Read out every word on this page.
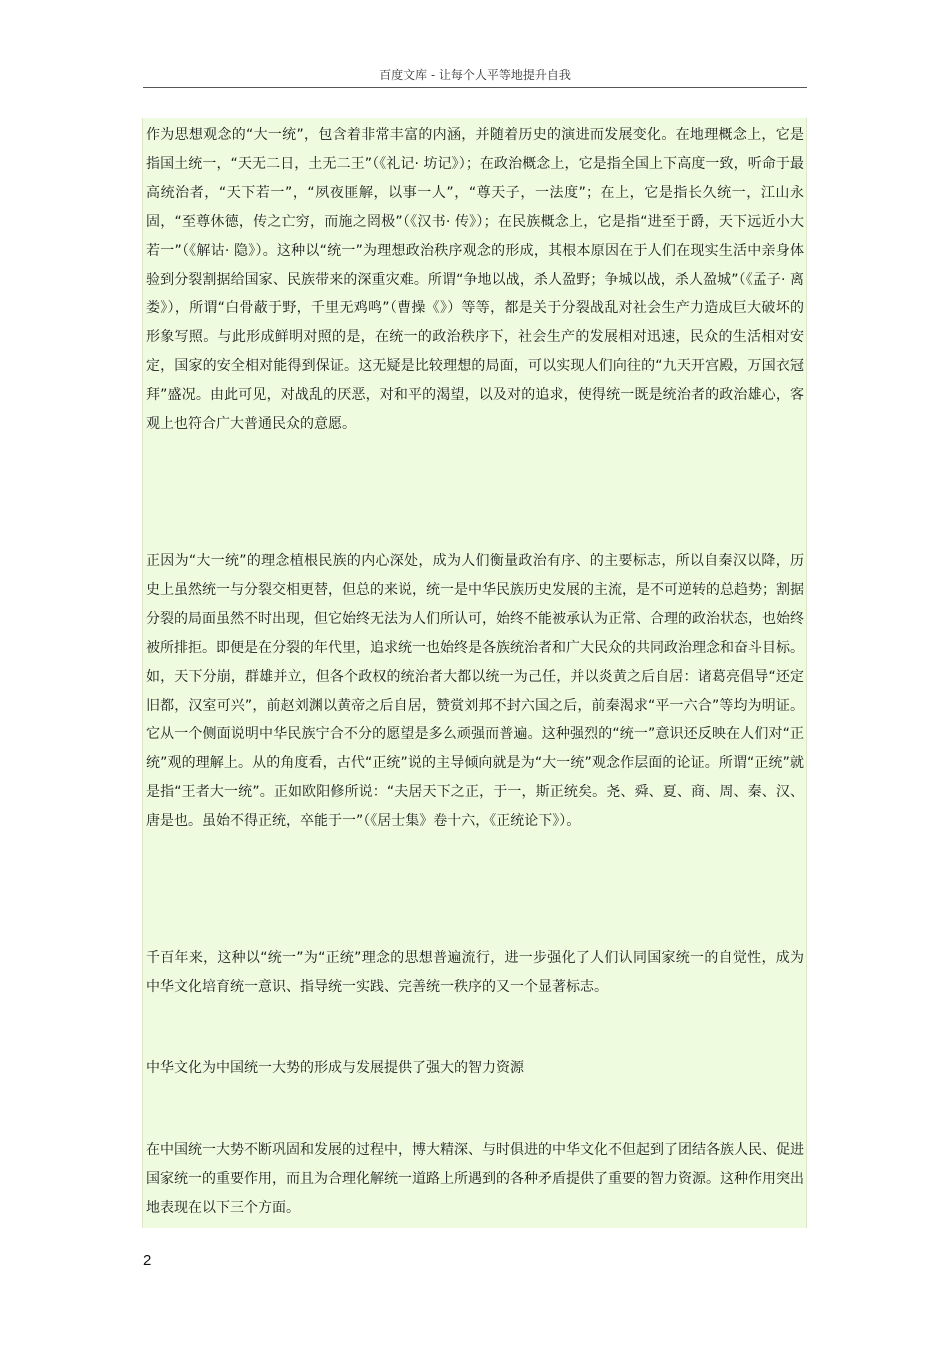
百度文库 - 让每个人平等地提升自我

作为思想观念的“大一统”，包含着非常丰富的内涵，并随着历史的演进而发展变化。在地理概念上，它是指国土统一，“天无二日，土无二王”（《礼记· 坊记》）；在政治概念上，它是指全国上下高度一致，听命于最高统治者，“天下若一”，“夙夜匪解，以事一人”，“尊天子，一法度”；在上，它是指长久统一，江山永固，“至尊休德，传之亡穷，而施之罔极”（《汉书· 传》）；在民族概念上，它是指“进至于爵，天下远近小大若一”（《解诂· 隐》）。这种以“统一”为理想政治秩序观念的形成，其根本原因在于人们在现实生活中亲身体验到分裂割据给国家、民族带来的深重灾难。所谓“争地以战，杀人盈野；争城以战，杀人盈城”（《孟子· 离娄》），所谓“白骨蔽于野，千里无鸡鸣”（曹操《》）等等，都是关于分裂战乱对社会生产力造成巨大破坏的形象写照。与此形成鲜明对照的是，在统一的政治秩序下，社会生产的发展相对迅速，民众的生活相对安定，国家的安全相对能得到保证。这无疑是比较理想的局面，可以实现人们向往的“九天开宫殿，万国衣冠拜”盛况。由此可见，对战乱的厌恶，对和平的渴望，以及对的追求，使得统一既是统治者的政治雄心，客观上也符合广大普通民众的意愿。

正因为“大一统”的理念植根民族的内心深处，成为人们衡量政治有序、的主要标志，所以自秦汉以降，历史上虽然统一与分裂交相更替，但总的来说，统一是中华民族历史发展的主流，是不可逆转的总趋势；割据分裂的局面虽然不时出现，但它始终无法为人们所认可，始终不能被承认为正常、合理的政治状态，也始终被所排拒。即便是在分裂的年代里，追求统一也始终是各族统治者和广大民众的共同政治理念和奋斗目标。如，天下分崩，群雄并立，但各个政权的统治者大都以统一为己任，并以炎黄之后自居：诸葛亮倡导“还定旧都，汉室可兴”，前赵刘渊以黄帝之后自居，赞赏刘邦不封六国之后，前秦渴求“平一六合”等均为明证。它从一个侧面说明中华民族宁合不分的愿望是多么顽强而普遍。这种强烈的“统一”意识还反映在人们对“正统”观的理解上。从的角度看，古代“正统”说的主导倾向就是为“大一统”观念作层面的论证。所谓“正统”就是指“王者大一统”。正如欧阳修所说：“夫居天下之正，于一，斯正统矣。尧、舜、夏、商、周、秦、汉、唐是也。虽始不得正统，卒能于一”（《居士集》卷十六，《正统论下》）。

千百年来，这种以“统一”为“正统”理念的思想普遍流行，进一步强化了人们认同国家统一的自觉性，成为中华文化培育统一意识、指导统一实践、完善统一秩序的又一个显著标志。

中华文化为中国统一大势的形成与发展提供了强大的智力资源

在中国统一大势不断巩固和发展的过程中，博大精深、与时俱进的中华文化不但起到了团结各族人民、促进国家统一的重要作用，而且为合理化解统一道路上所遇到的各种矛盾提供了重要的智力资源。这种作用突出地表现在以下三个方面。

2
